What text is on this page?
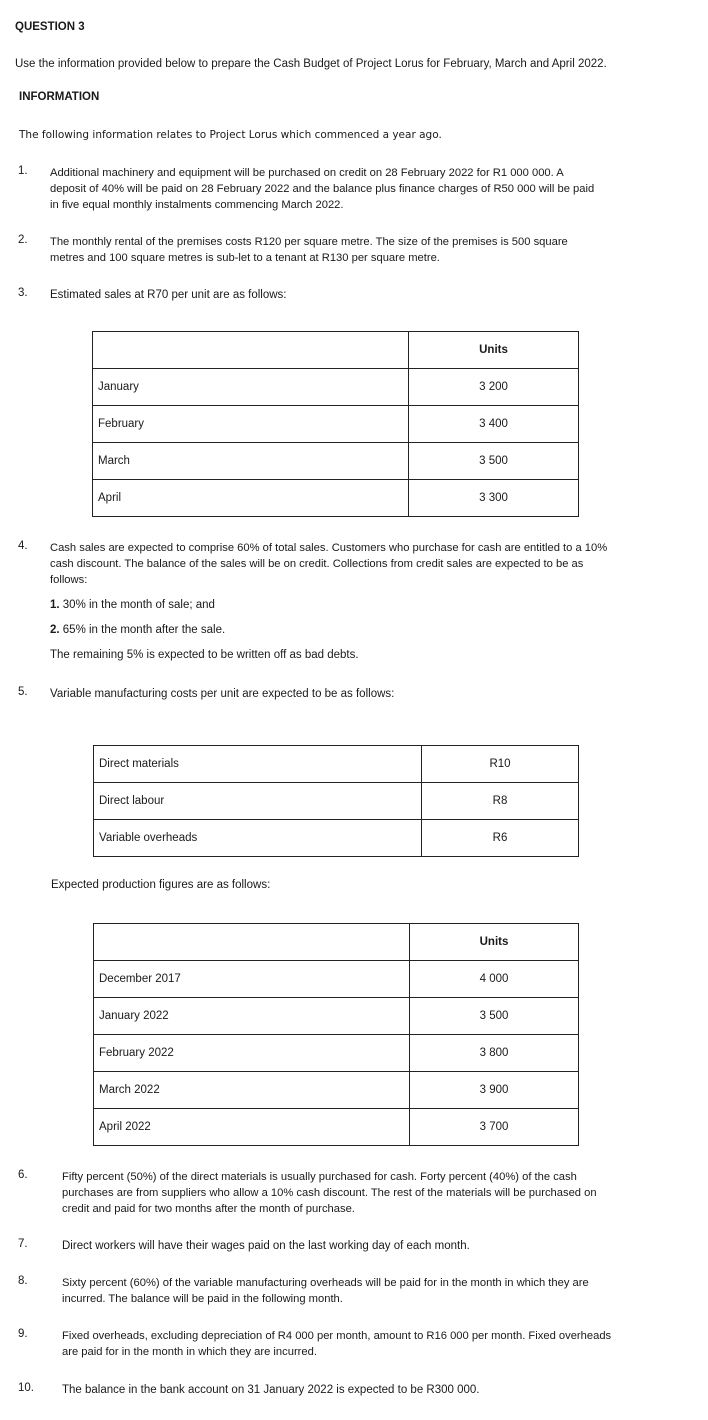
QUESTION 3
Use the information provided below to prepare the Cash Budget of Project Lorus for February, March and April 2022.
INFORMATION
The following information relates to Project Lorus which commenced a year ago.
1. Additional machinery and equipment will be purchased on credit on 28 February 2022 for R1 000 000. A
deposit of 40% will be paid on 28 February 2022 and the balance plus finance charges of R50 000 will be paid
in five equal monthly instalments commencing March 2022.
2. The monthly rental of the premises costs R120 per square metre. The size of the premises is 500 square
metres and 100 square metres is sub-let to a tenant at R130 per square metre.
3. Estimated sales at R70 per unit are as follows:
	Units
January	3 200
February	3 400
March	3 500
April	3 300
4. Cash sales are expected to comprise 60% of total sales. Customers who purchase for cash are entitled to a 10%
cash discount. The balance of the sales will be on credit. Collections from credit sales are expected to be as
follows:
1. 30% in the month of sale; and
2. 65% in the month after the sale.
The remaining 5% is expected to be written off as bad debts.
5. Variable manufacturing costs per unit are expected to be as follows:
Direct materials	R10
Direct labour	R8
Variable overheads	R6
Expected production figures are as follows:
	Units
December 2017	4 000
January 2022	3 500
February 2022	3 800
March 2022	3 900
April 2022	3 700
6.	Fifty percent (50%) of the direct materials is usually purchased for cash. Forty percent (40%) of the cash
purchases are from suppliers who allow a 10% cash discount. The rest of the materials will be purchased on
credit and paid for two months after the month of purchase.
7.	Direct workers will have their wages paid on the last working day of each month.
8.	Sixty percent (60%) of the variable manufacturing overheads will be paid for in the month in which they are
incurred. The balance will be paid in the following month.
9.	Fixed overheads, excluding depreciation of R4 000 per month, amount to R16 000 per month. Fixed overheads
are paid for in the month in which they are incurred.
10. The balance in the bank account on 31 January 2022 is expected to be R300 000.
